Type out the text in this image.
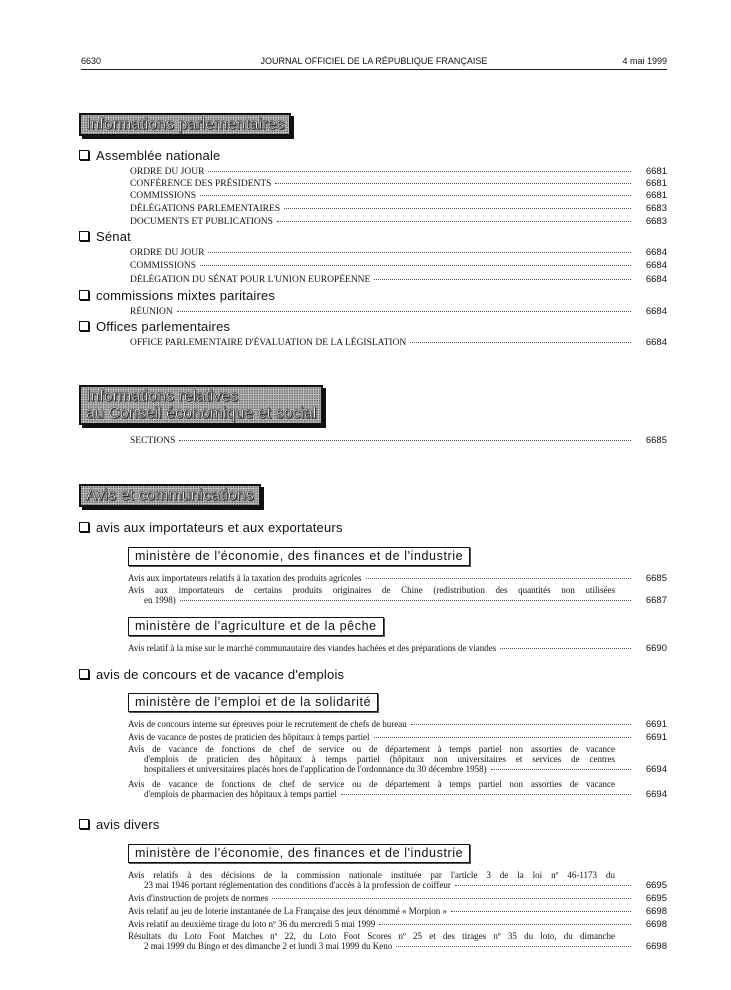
6630	JOURNAL OFFICIEL DE LA RÉPUBLIQUE FRANÇAISE	4 mai 1999
Informations parlementaires
Assemblée nationale
ORDRE DU JOUR	6681
CONFÉRENCE DES PRÉSIDENTS	6681
COMMISSIONS	6681
DÉLÉGATIONS PARLEMENTAIRES	6683
DOCUMENTS ET PUBLICATIONS	6683
Sénat
ORDRE DU JOUR	6684
COMMISSIONS	6684
DÉLÉGATION DU SÉNAT POUR L'UNION EUROPÉENNE	6684
commissions mixtes paritaires
RÉUNION	6684
Offices parlementaires
OFFICE PARLEMENTAIRE D'ÉVALUATION DE LA LÉGISLATION	6684
Informations relatives
au Conseil économique et social
SECTIONS	6685
Avis et communications
avis aux importateurs et aux exportateurs
ministère de l'économie, des finances et de l'industrie
Avis aux importateurs relatifs à la taxation des produits agricoles	6685
Avis aux importateurs de certains produits originaires de Chine (redistribution des quantités non utilisées
en 1998)	6687
ministère de l'agriculture et de la pêche
Avis relatif à la mise sur le marché communautaire des viandes hachées et des préparations de viandes	6690
avis de concours et de vacance d'emplois
ministère de l'emploi et de la solidarité
Avis de concours interne sur épreuves pour le recrutement de chefs de bureau	6691
Avis de vacance de postes de praticien des hôpitaux à temps partiel	6691
Avis de vacance de fonctions de chef de service ou de département à temps partiel non assorties de vacance
d'emplois de praticien des hôpitaux à temps partiel (hôpitaux non universitaires et services de centres
hospitaliers et universitaires placés hors de l'application de l'ordonnance du 30 décembre 1958)	6694
Avis de vacance de fonctions de chef de service ou de département à temps partiel non assorties de vacance
d'emplois de pharmacien des hôpitaux à temps partiel	6694
avis divers
ministère de l'économie, des finances et de l'industrie
Avis relatifs à des décisions de la commission nationale instituée par l'article 3 de la loi nº 46-1173 du
23 mai 1946 portant réglementation des conditions d'accès à la profession de coiffeur	6695
Avis d'instruction de projets de normes	6695
Avis relatif au jeu de loterie instantanée de La Française des jeux dénommé « Morpion »	6698
Avis relatif au deuxième tirage du loto nº 36 du mercredi 5 mai 1999	6698
Résultats du Loto Foot Matches nº 22, du Loto Foot Scores nº 25 et des tirages nº 35 du loto, du dimanche
2 mai 1999 du Bingo et des dimanche 2 et lundi 3 mai 1999 du Keno	6698
